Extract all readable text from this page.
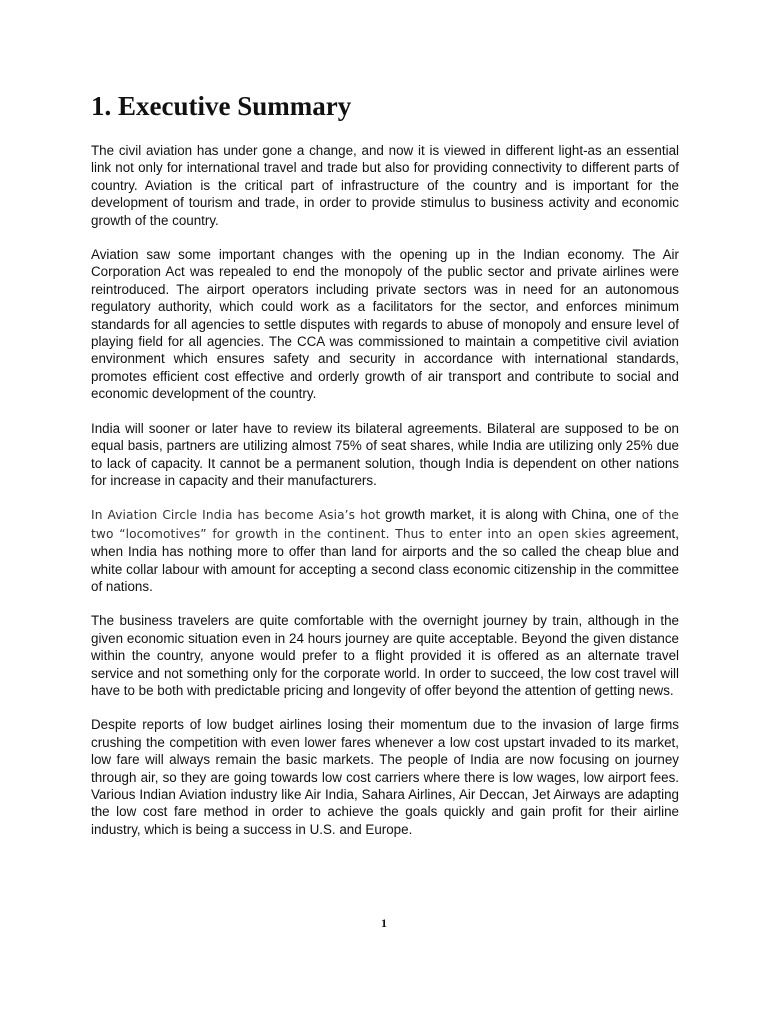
1. Executive Summary

The civil aviation has under gone a change, and now it is viewed in different light-as an essential link not only for international travel and trade but also for providing connectivity to different parts of country. Aviation is the critical part of infrastructure of the country and is important for the development of tourism and trade, in order to provide stimulus to business activity and economic growth of the country.

Aviation saw some important changes with the opening up in the Indian economy. The Air Corporation Act was repealed to end the monopoly of the public sector and private airlines were reintroduced. The airport operators including private sectors was in need for an autonomous regulatory authority, which could work as a facilitators for the sector, and enforces minimum standards for all agencies to settle disputes with regards to abuse of monopoly and ensure level of playing field for all agencies. The CCA was commissioned to maintain a competitive civil aviation environment which ensures safety and security in accordance with international standards, promotes efficient cost effective and orderly growth of air transport and contribute to social and economic development of the country.

India will sooner or later have to review its bilateral agreements. Bilateral are supposed to be on equal basis, partners are utilizing almost 75% of seat shares, while India are utilizing only 25% due to lack of capacity. It cannot be a permanent solution, though India is dependent on other nations for increase in capacity and their manufacturers.

In Aviation Circle India has become Asia’s hot growth market, it is along with China, one of the two “locomotives” for growth in the continent. Thus to enter into an open skies agreement, when India has nothing more to offer than land for airports and the so called the cheap blue and white collar labour with amount for accepting a second class economic citizenship in the committee of nations.

The business travelers are quite comfortable with the overnight journey by train, although in the given economic situation even in 24 hours journey are quite acceptable. Beyond the given distance within the country, anyone would prefer to a flight provided it is offered as an alternate travel service and not something only for the corporate world. In order to succeed, the low cost travel will have to be both with predictable pricing and longevity of offer beyond the attention of getting news.

Despite reports of low budget airlines losing their momentum due to the invasion of large firms crushing the competition with even lower fares whenever a low cost upstart invaded to its market, low fare will always remain the basic markets. The people of India are now focusing on journey through air, so they are going towards low cost carriers where there is low wages, low airport fees. Various Indian Aviation industry like Air India, Sahara Airlines, Air Deccan, Jet Airways are adapting the low cost fare method in order to achieve the goals quickly and gain profit for their airline industry, which is being a success in U.S. and Europe.

1
